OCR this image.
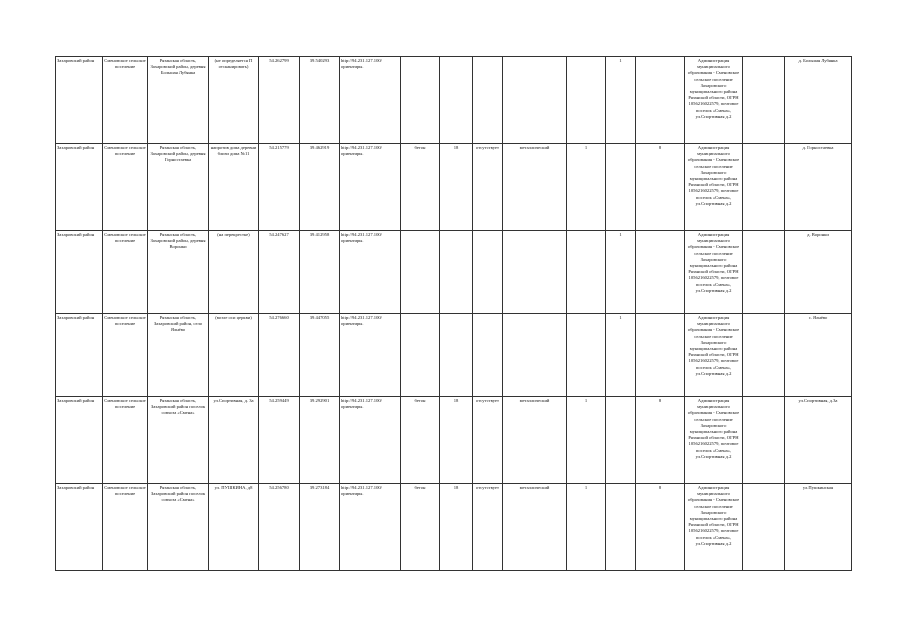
Захаровский район	Сменовское сельское поселение	Рязанская область, Захаровский район, деревня Большая Лубянка	(не определяется П отсканировать)	54.262799	39.540293	http://94.231.127.100/ориентиры.						1		Администрация муниципального образования - Сменовское сельское поселение Захаровского муниципального района Рязанской области, ОГРН 1056216022579, почтовое поселок «Смена», ул.Спортивная д.2		д. Большая Лубянка
Захаровский район	Сменовское сельское поселение	Рязанская область, Захаровский район, деревня Горностаевка	напротив дома деревни близи дома №11	54.215779	39.462919	http://94.231.127.100/ориентиры.	бетон	18	отсутствует	металлический	1		8	Администрация муниципального образования - Сменовское сельское поселение Захаровского муниципального района Рязанской области, ОГРН 1056216022579, почтовое поселок «Смена», ул.Спортивная д.2		д. Горностаевка
Захаровский район	Сменовское сельское поселение	Рязанская область, Захаровский район, деревня Воронки	(на перекрестке)	54.247627	39.412958	http://94.231.127.100/ориентиры.						1		Администрация муниципального образования - Сменовское сельское поселение Захаровского муниципального района Рязанской области, ОГРН 1056216022579, почтовое поселок «Смена», ул.Спортивная д.2		д. Воронки
Захаровский район	Сменовское сельское поселение	Рязанская область, Захаровский район, село Ялнёво	(возле оси церкви)	54.276660	39.447055	http://94.231.127.100/ориентиры.						1		Администрация муниципального образования - Сменовское сельское поселение Захаровского муниципального района Рязанской области, ОГРН 1056216022579, почтовое поселок «Смена», ул.Спортивная д.2		с. Ялнёво
Захаровский район	Сменовское сельское поселение	Рязанская область, Захаровский район поселок совхоза «Смена»	ул.Спортивная, д. 3а	54.259449	39.292901	http://94.231.127.100/ориентиры.	бетон	18	отсутствует	металлический	1		8	Администрация муниципального образования - Сменовское сельское поселение Захаровского муниципального района Рязанской области, ОГРН 1056216022579, почтовое поселок «Смена», ул.Спортивная д.2		ул.Спортивная, д.3а
Захаровский район	Сменовское сельское поселение	Рязанская область, Захаровский район поселок совхоза «Смена»	ул. ПУШКИНА, д8	54.256780	39.273184	http://94.231.127.100/ориентиры.	бетон	18	отсутствует	металлический	1		8	Администрация муниципального образования - Сменовское сельское поселение Захаровского муниципального района Рязанской области, ОГРН 1056216022579, почтовое поселок «Смена», ул.Спортивная д.2		ул.Пушкинская
